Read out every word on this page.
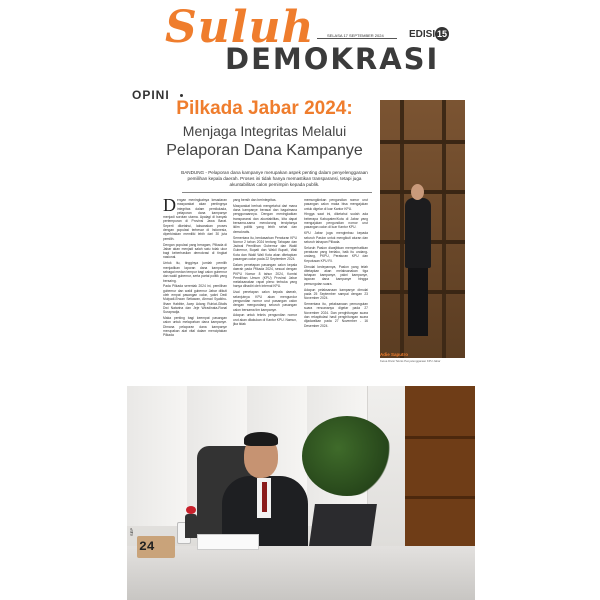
Suluh
DEMOKRASI
SELASA 17 SEPTEMBER 2024	EDISI 15
OPINI
Pilkada Jabar 2024:
Menjaga Integritas Melalui
Pelaporan Dana Kampanye
BANDUNG - Pelaporan dana kampanye merupakan aspek penting dalam penyelenggaraan pemilihan kepala daerah. Proses ini tidak hanya memastikan transparansi, tetapi juga akuntabilitas calon pemimpin kepada publik.

Dengan meningkatnya kesadaran masyarakat akan pentingnya integritas dalam pemilukada, pelaporan dana kampanye menjadi sorotan utama. Apalagi di banyak pertempuran di Provinsi Jawa Barat. Seperti diketahui, laksanakan proses dengan populasi terbesar di Indonesia, diperkirakan memiliki lebih dari 30 juta pemilih.

Dengan populasi yang beragam, Pilkada di Jabar akan menjadi salah satu tolak ukur bagi keberhasilan demokrasi di tingkat nasional.

Untuk itu, tingginya jumlah pemilih menjadikan laporan dana kampanye sebagai medan tempur bagi calon gubernur dan wakil gubernur, serta partai politik yang bersaing.

Pada Pilkada serentak 2024 ini, pemilihan gubernur dan wakil gubernur Jabar diikuti oleh empat pasangan calon, yakni Dedi Mulyadi-Erwan Setiawan, Ahmad Syaikhu-Ilham Habibie, Acep Adang Ruhiat-Gitalis Dwi Natarina dan Jeje Wiradinata-Ronal Surapradja.

Maka penting bagi keempat pasangan calon untuk melaporkan dana kampanye. Dimana pelaporan dana kampanye merupakan alat vital dalam menciptakan Pilkada

yang bersih dan berintegritas.

Masyarakat berhak mengetahui dari mana dana kampanye berasal dan bagaimana penggunaannya. Dengan meningkatkan transparansi dan akuntabilitas, kita dapat bersama-sama mendorong terciptanya iklim politik yang lebih sehat dan demokratis.

Sementara itu, berdasarkan Peraturan KPU Nomor 2 tahun 2024 tentang Tahapan dan Jadwal Pemilihan Gubernur dan Wakil Gubernur, Bupati dan Wakil Bupati, Wali Kota dan Wakil Wali Kota akan ditetapkan pasangan calon pada 22 September 2024.

Dalam penetapan pasangan calon kepala daerah pada Pilkada 2024, sesuai dengan PKPU Nomor 8 tahun 2024, Komisi Pemilihan Umum (KPU) Provinsi Jabar melaksanakan rapat pleno terbuka yang hanya dihadiri oleh internal KPU.

Usai penetapan calon kepala daerah, selanjutnya KPU akan mengundur pengundian nomor urut pasangan calon dengan mengundang seluruh pasangan calon bersama tim kampanye.

Adapun untuk teknis pengundian nomor urut akan dilakukan di Kantor KPU. Namun, jika tidak

memungkinkan pengundian nomor urut pasangan calon maka bisa mengajukan untuk digelar di luar Kantor KPU.

Hingga saat ini, diketahui sudah ada beberapa Kabupaten/Kota di Jabar yang mengajukan pengundian nomor urut pasangan calon di luar Kantor KPU.

KPU Jabar juga mengimbau kepada seluruh Paslon untuk mengikuti aturan dan seluruh tahapan Pilkada.

Seluruh Paslon diwajibkan memperhatikan peraturan yang berlaku, baik itu undang-undang, PKPU, Peraturan KPU dan Keputusan KPU RI.

Dimulai kedepannya, Paslon yang telah ditetapkan akan melaksanakan tiga tahapan kampanye, yakni kampanye, laporan dana kampanye hingga pemungutan suara.

Adapun pelaksanaan kampanye dimulai pada 25 September sampai dengan 23 November 2024.

Sementara itu, pelaksanaan pemungutan suara rencananya digelar pada 27 November 2024. Dan penghitungan suara dan rekapitulasi hasil penghitungan suara dijadwalkan pada 27 November - 16 Desember 2024.

Adie Saputro
Ketua Divisi Teknis Penyelenggaraan KPU Jabar
SEP
24
